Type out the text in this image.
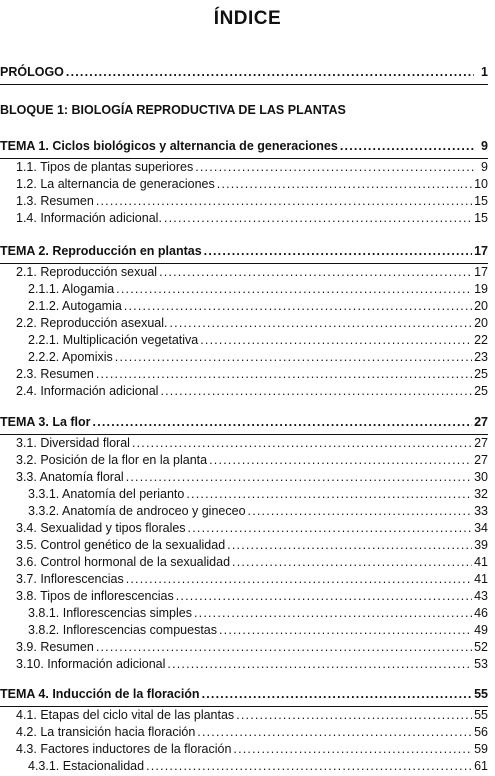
ÍNDICE
PRÓLOGO .....	1
BLOQUE 1: BIOLOGÍA REPRODUCTIVA DE LAS PLANTAS
TEMA 1. Ciclos biológicos y alternancia de generaciones .....	9
1.1. Tipos de plantas superiores .....	9
1.2. La alternancia de generaciones .....	10
1.3. Resumen .....	15
1.4. Información adicional. .....	15
TEMA 2. Reproducción en plantas .....	17
2.1. Reproducción sexual .....	17
2.1.1. Alogamia .....	19
2.1.2. Autogamia .....	20
2.2. Reproducción asexual. .....	20
2.2.1. Multiplicación vegetativa .....	22
2.2.2. Apomixis .....	23
2.3. Resumen .....	25
2.4. Información adicional .....	25
TEMA 3. La flor .....	27
3.1. Diversidad floral .....	27
3.2. Posición de la flor en la planta .....	27
3.3. Anatomía floral .....	30
3.3.1. Anatomía del perianto .....	32
3.3.2. Anatomía de androceo y gineceo .....	33
3.4. Sexualidad y tipos florales .....	34
3.5. Control genético de la sexualidad .....	39
3.6. Control hormonal de la sexualidad .....	41
3.7. Inflorescencias .....	41
3.8. Tipos de inflorescencias .....	43
3.8.1. Inflorescencias simples .....	46
3.8.2. Inflorescencias compuestas .....	49
3.9. Resumen .....	52
3.10. Información adicional .....	53
TEMA 4. Inducción de la floración .....	55
4.1. Etapas del ciclo vital de las plantas .....	55
4.2. La transición hacia floración .....	56
4.3. Factores inductores de la floración .....	59
4.3.1. Estacionalidad .....	61
